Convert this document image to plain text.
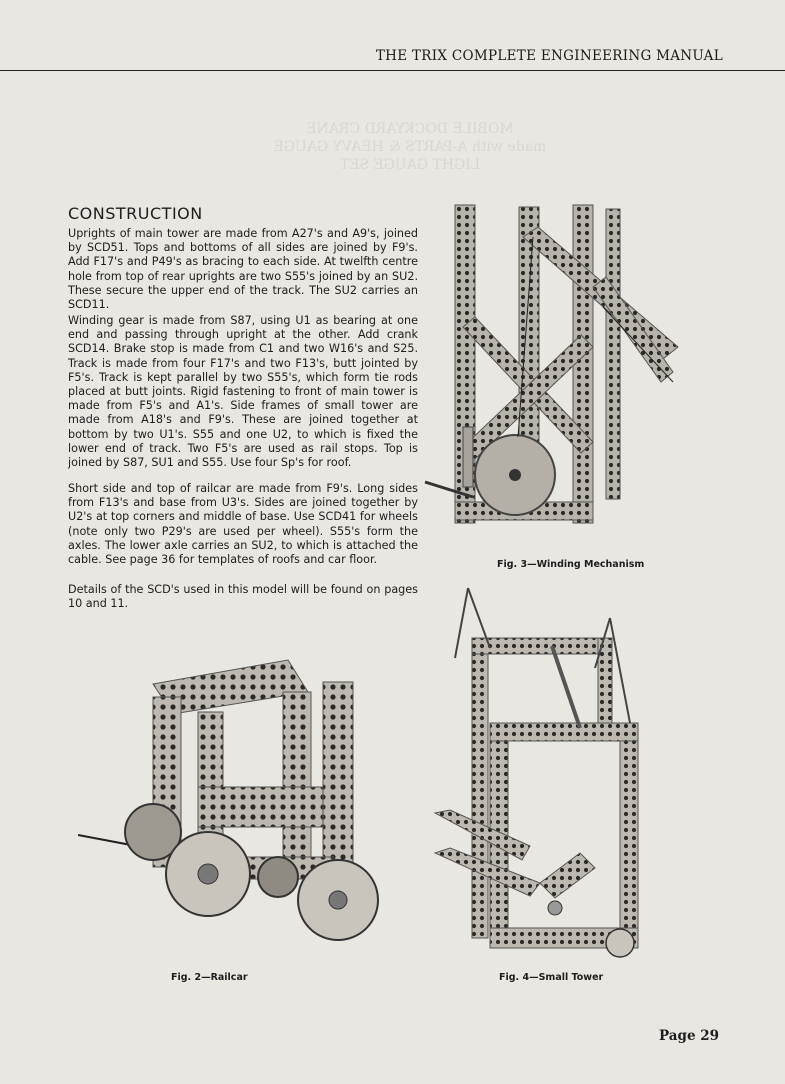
THE TRIX COMPLETE ENGINEERING MANUAL
MOBILE DOCKYARD CRANE
made with A-PARTS & HEAVY GAUGE
LIGHT GAUGE SET
CONSTRUCTION

Uprights of main tower are made from A27's and A9's, joined by SCD51. Tops and bottoms of all sides are joined by F9's. Add F17's and P49's as bracing to each side. At twelfth centre hole from top of rear uprights are two S55's joined by an SU2. These secure the upper end of the track. The SU2 carries an SCD11.

Winding gear is made from S87, using U1 as bearing at one end and passing through upright at the other. Add crank SCD14. Brake stop is made from C1 and two W16's and S25. Track is made from four F17's and two F13's, butt jointed by F5's. Track is kept parallel by two S55's, which form tie rods placed at butt joints. Rigid fastening to front of main tower is made from F5's and A1's. Side frames of small tower are made from A18's and F9's. These are joined together at bottom by two U1's. S55 and one U2, to which is fixed the lower end of track. Two F5's are used as rail stops. Top is joined by S87, SU1 and S55. Use four Sp's for roof.

Short side and top of railcar are made from F9's. Long sides from F13's and base from U3's. Sides are joined together by U2's at top corners and middle of base. Use SCD41 for wheels (note only two P29's are used per wheel). S55's form the axles. The lower axle carries an SU2, to which is attached the cable. See page 36 for templates of roofs and car floor.

Details of the SCD's used in this model will be found on pages 10 and 11.

Fig. 3—Winding Mechanism
Fig. 2—Railcar	Fig. 4—Small Tower
Page 29
